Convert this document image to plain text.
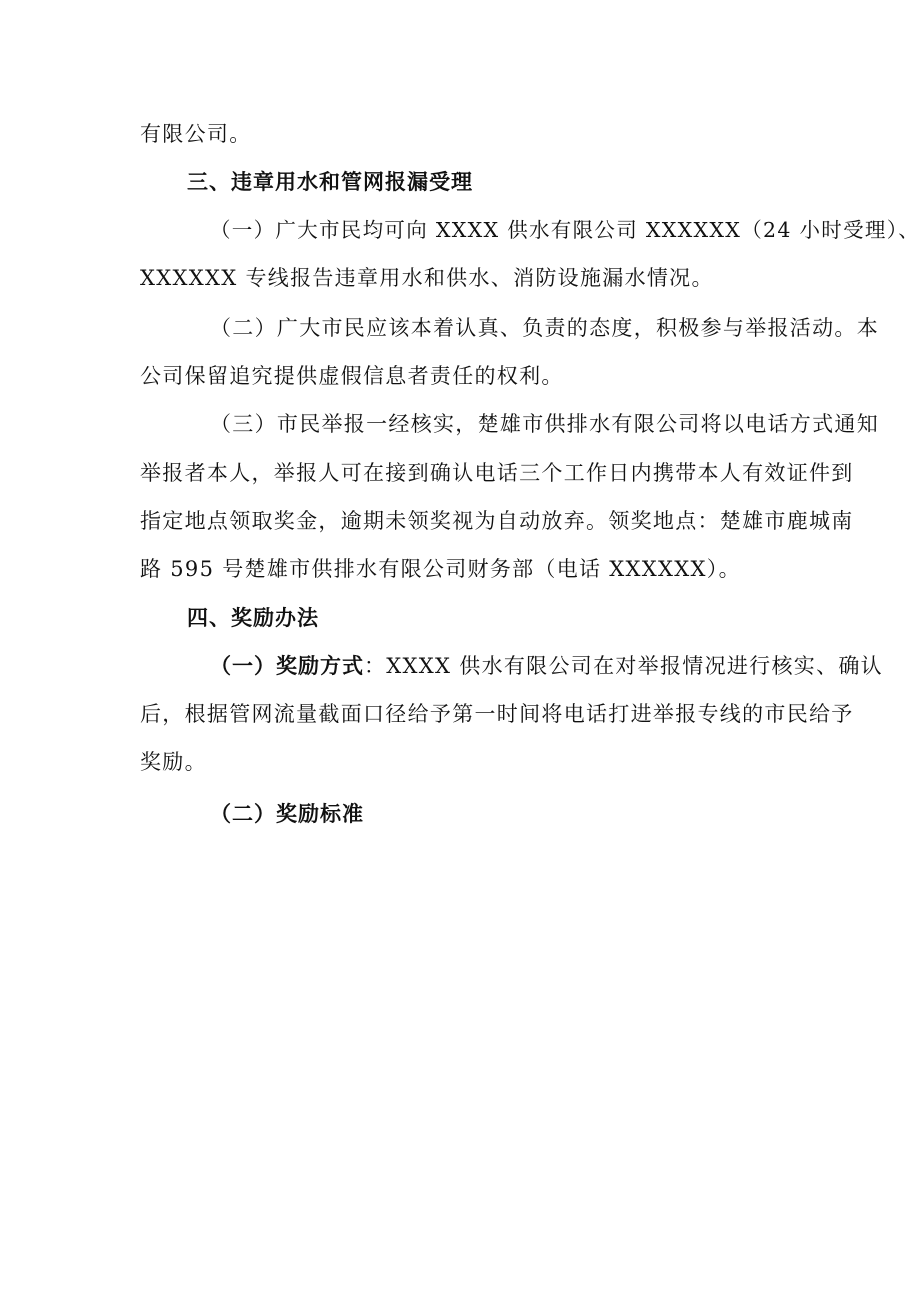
有限公司。
三、违章用水和管网报漏受理
（一）广大市民均可向 XXXX 供水有限公司 XXXXXX（24 小时受理）、
XXXXXX 专线报告违章用水和供水、消防设施漏水情况。
（二）广大市民应该本着认真、负责的态度，积极参与举报活动。本
公司保留追究提供虚假信息者责任的权利。
（三）市民举报一经核实，楚雄市供排水有限公司将以电话方式通知
举报者本人，举报人可在接到确认电话三个工作日内携带本人有效证件到
指定地点领取奖金，逾期未领奖视为自动放弃。领奖地点：楚雄市鹿城南
路 595 号楚雄市供排水有限公司财务部（电话 XXXXXX）。
四、奖励办法
（一）奖励方式：XXXX 供水有限公司在对举报情况进行核实、确认
后，根据管网流量截面口径给予第一时间将电话打进举报专线的市民给予
奖励。
（二）奖励标准
